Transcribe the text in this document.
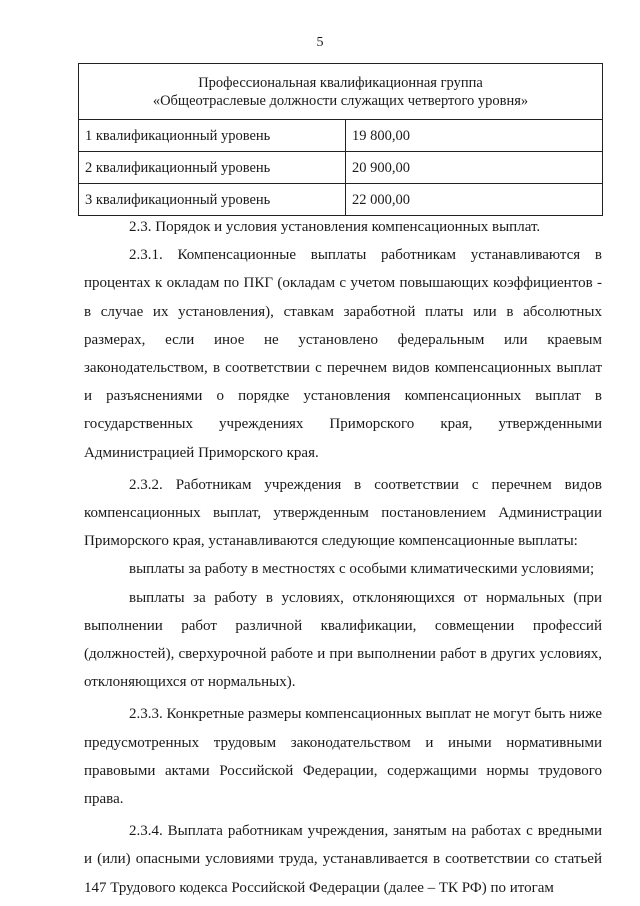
5
Профессиональная квалификационная группа
«Общеотраслевые должности служащих четвертого уровня»	

1 квалификационный уровень	19 800,00
2 квалификационный уровень	20 900,00
3 квалификационный уровень	22 000,00

2.3. Порядок и условия установления компенсационных выплат.

2.3.1. Компенсационные выплаты работникам устанавливаются в процентах к окладам по ПКГ (окладам с учетом повышающих коэффициентов - в случае их установления), ставкам заработной платы или в абсолютных размерах, если иное не установлено федеральным или краевым законодательством, в соответствии с перечнем видов компенсационных выплат и разъяснениями о порядке установления компенсационных выплат в государственных учреждениях Приморского края, утвержденными Администрацией Приморского края.

2.3.2. Работникам учреждения в соответствии с перечнем видов компенсационных выплат, утвержденным постановлением Администрации Приморского края, устанавливаются следующие компенсационные выплаты:

выплаты за работу в местностях с особыми климатическими условиями;

выплаты за работу в условиях, отклоняющихся от нормальных (при выполнении работ различной квалификации, совмещении профессий (должностей), сверхурочной работе и при выполнении работ в других условиях, отклоняющихся от нормальных).

2.3.3. Конкретные размеры компенсационных выплат не могут быть ниже предусмотренных трудовым законодательством и иными нормативными правовыми актами Российской Федерации, содержащими нормы трудового права.

2.3.4. Выплата работникам учреждения, занятым на работах с вредными и (или) опасными условиями труда, устанавливается в соответствии со статьей 147 Трудового кодекса Российской Федерации (далее – ТК РФ) по итогам
